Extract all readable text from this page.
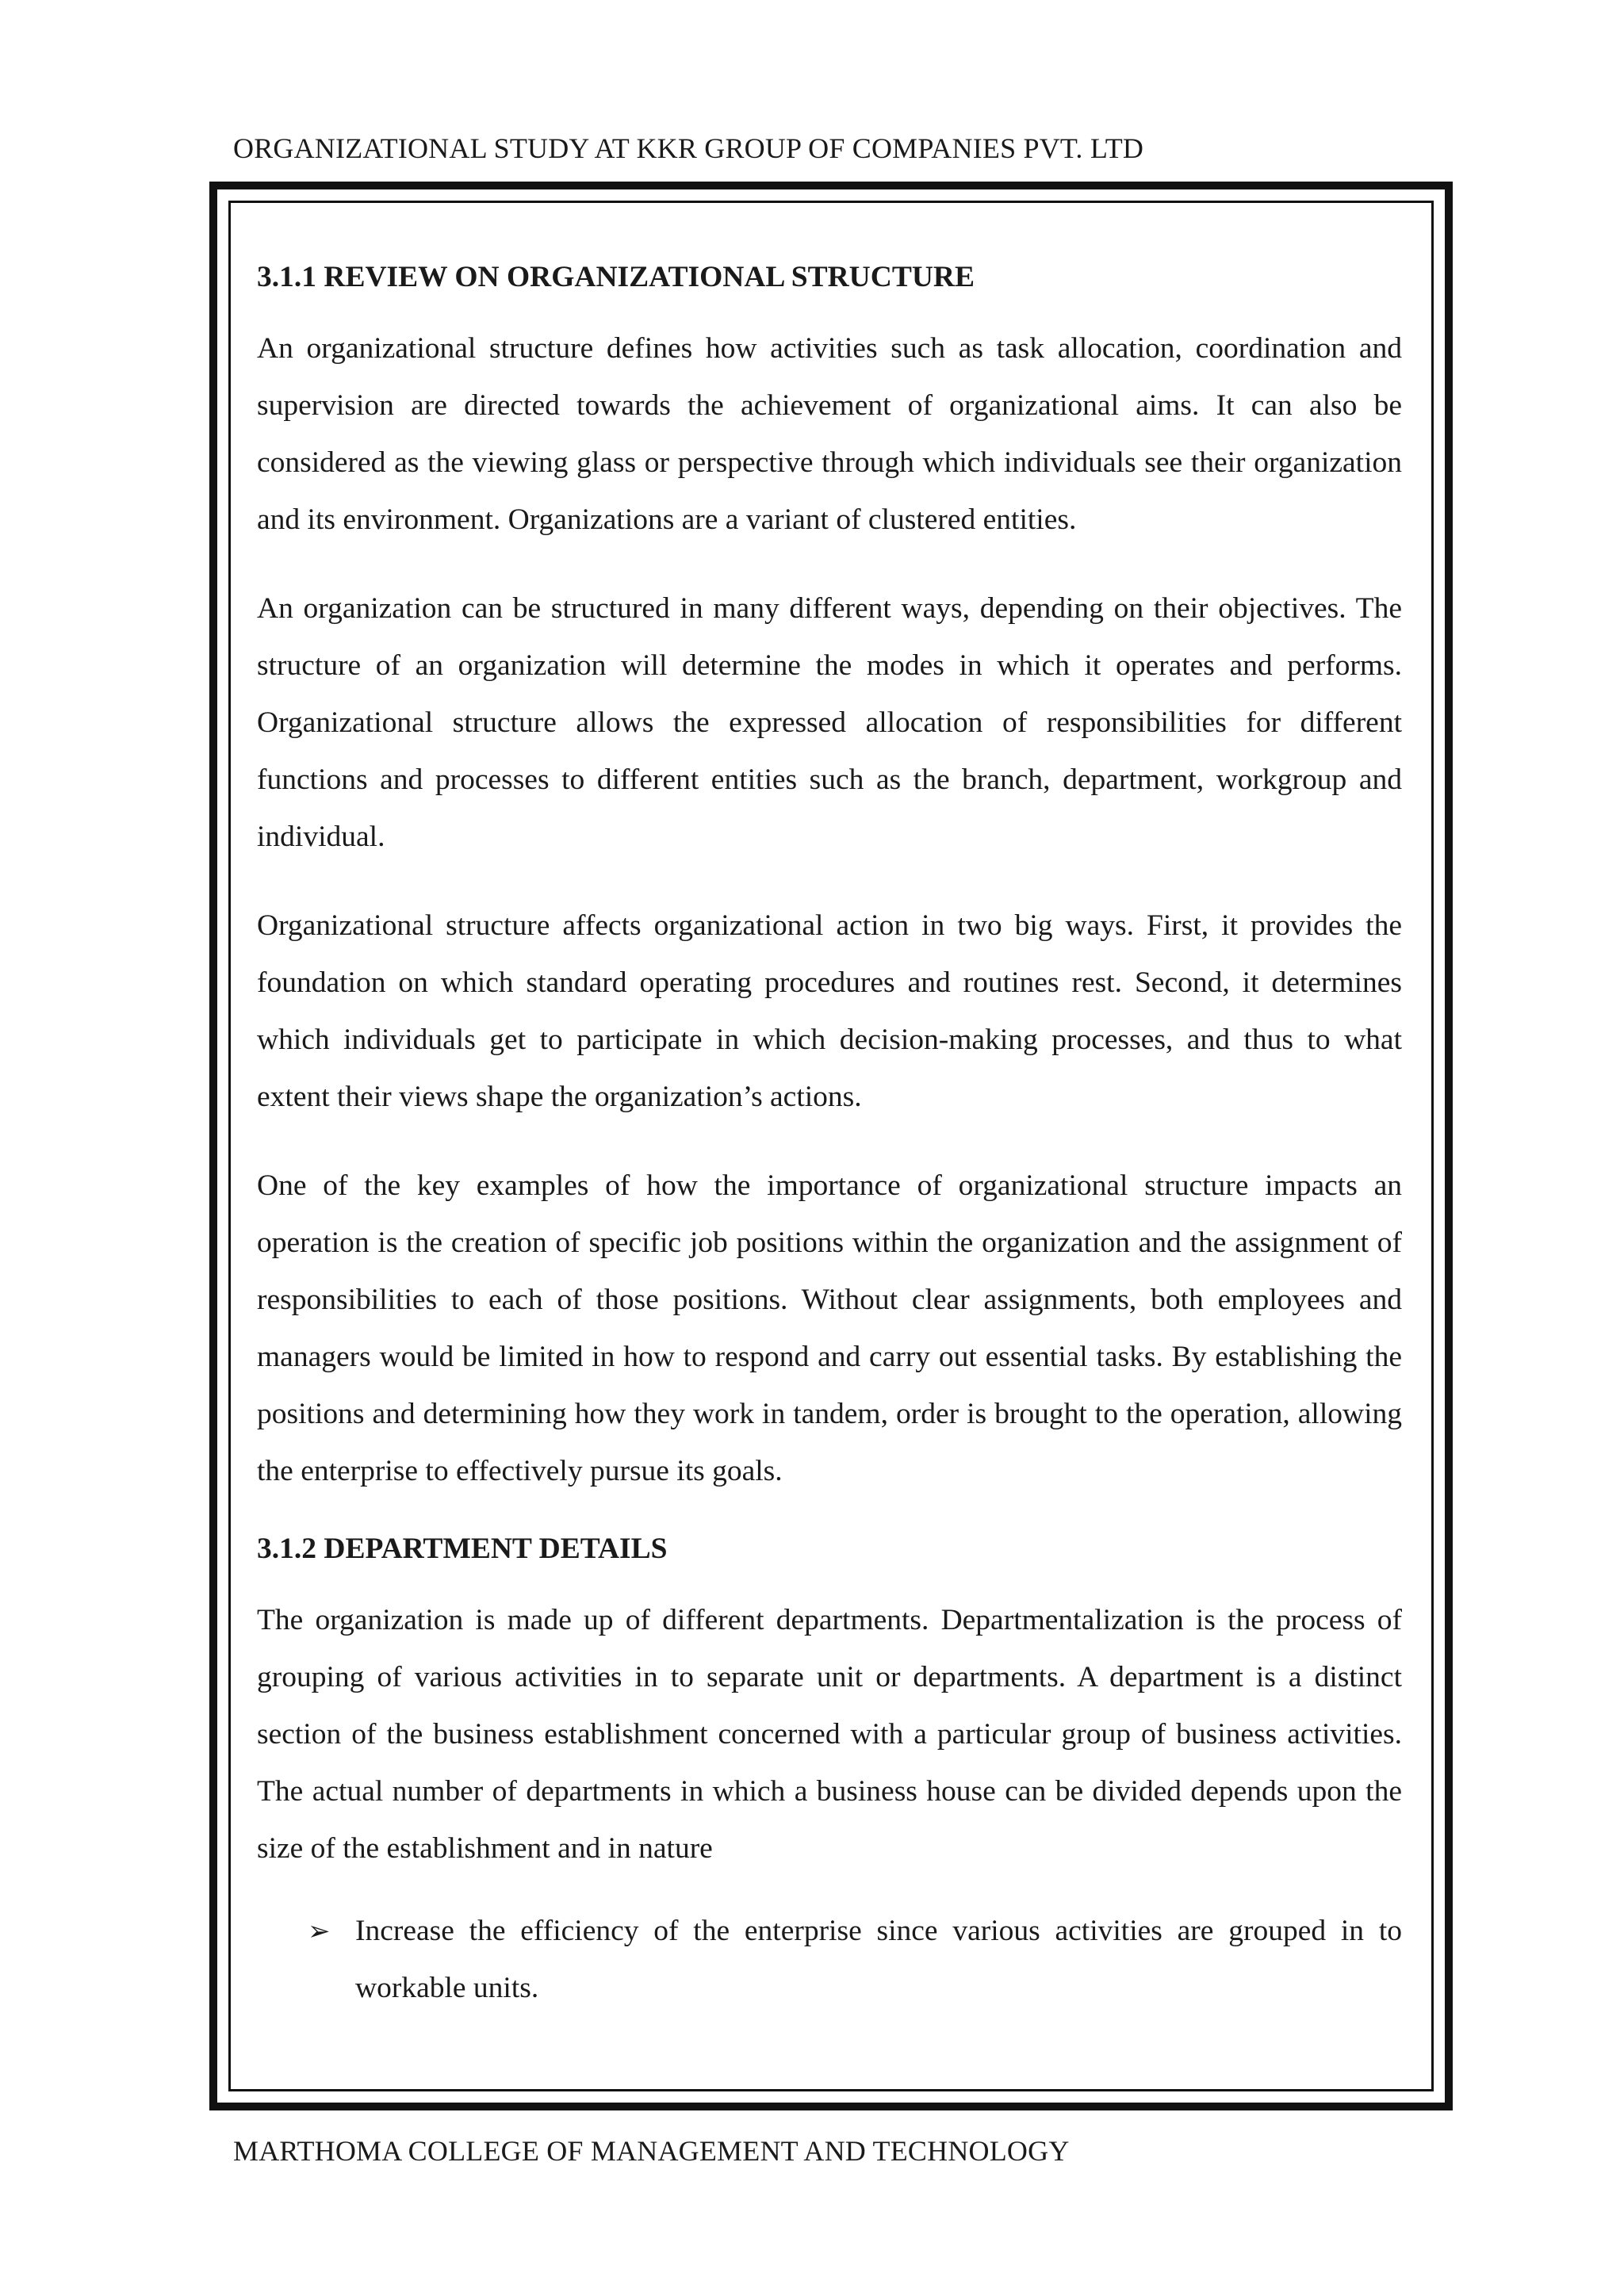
ORGANIZATIONAL STUDY AT KKR GROUP OF COMPANIES PVT. LTD
3.1.1 REVIEW ON ORGANIZATIONAL STRUCTURE

An organizational structure defines how activities such as task allocation, coordination and supervision are directed towards the achievement of organizational aims. It can also be considered as the viewing glass or perspective through which individuals see their organization and its environment. Organizations are a variant of clustered entities.

An organization can be structured in many different ways, depending on their objectives. The structure of an organization will determine the modes in which it operates and performs. Organizational structure allows the expressed allocation of responsibilities for different functions and processes to different entities such as the branch, department, workgroup and individual.

Organizational structure affects organizational action in two big ways. First, it provides the foundation on which standard operating procedures and routines rest. Second, it determines which individuals get to participate in which decision-making processes, and thus to what extent their views shape the organization’s actions.

One of the key examples of how the importance of organizational structure impacts an operation is the creation of specific job positions within the organization and the assignment of responsibilities to each of those positions. Without clear assignments, both employees and managers would be limited in how to respond and carry out essential tasks. By establishing the positions and determining how they work in tandem, order is brought to the operation, allowing the enterprise to effectively pursue its goals.

3.1.2 DEPARTMENT DETAILS

The organization is made up of different departments. Departmentalization is the process of grouping of various activities in to separate unit or departments. A department is a distinct section of the business establishment concerned with a particular group of business activities. The actual number of departments in which a business house can be divided depends upon the size of the establishment and in nature

➢ Increase the efficiency of the enterprise since various activities are grouped in to workable units.
MARTHOMA COLLEGE OF MANAGEMENT AND TECHNOLOGY
